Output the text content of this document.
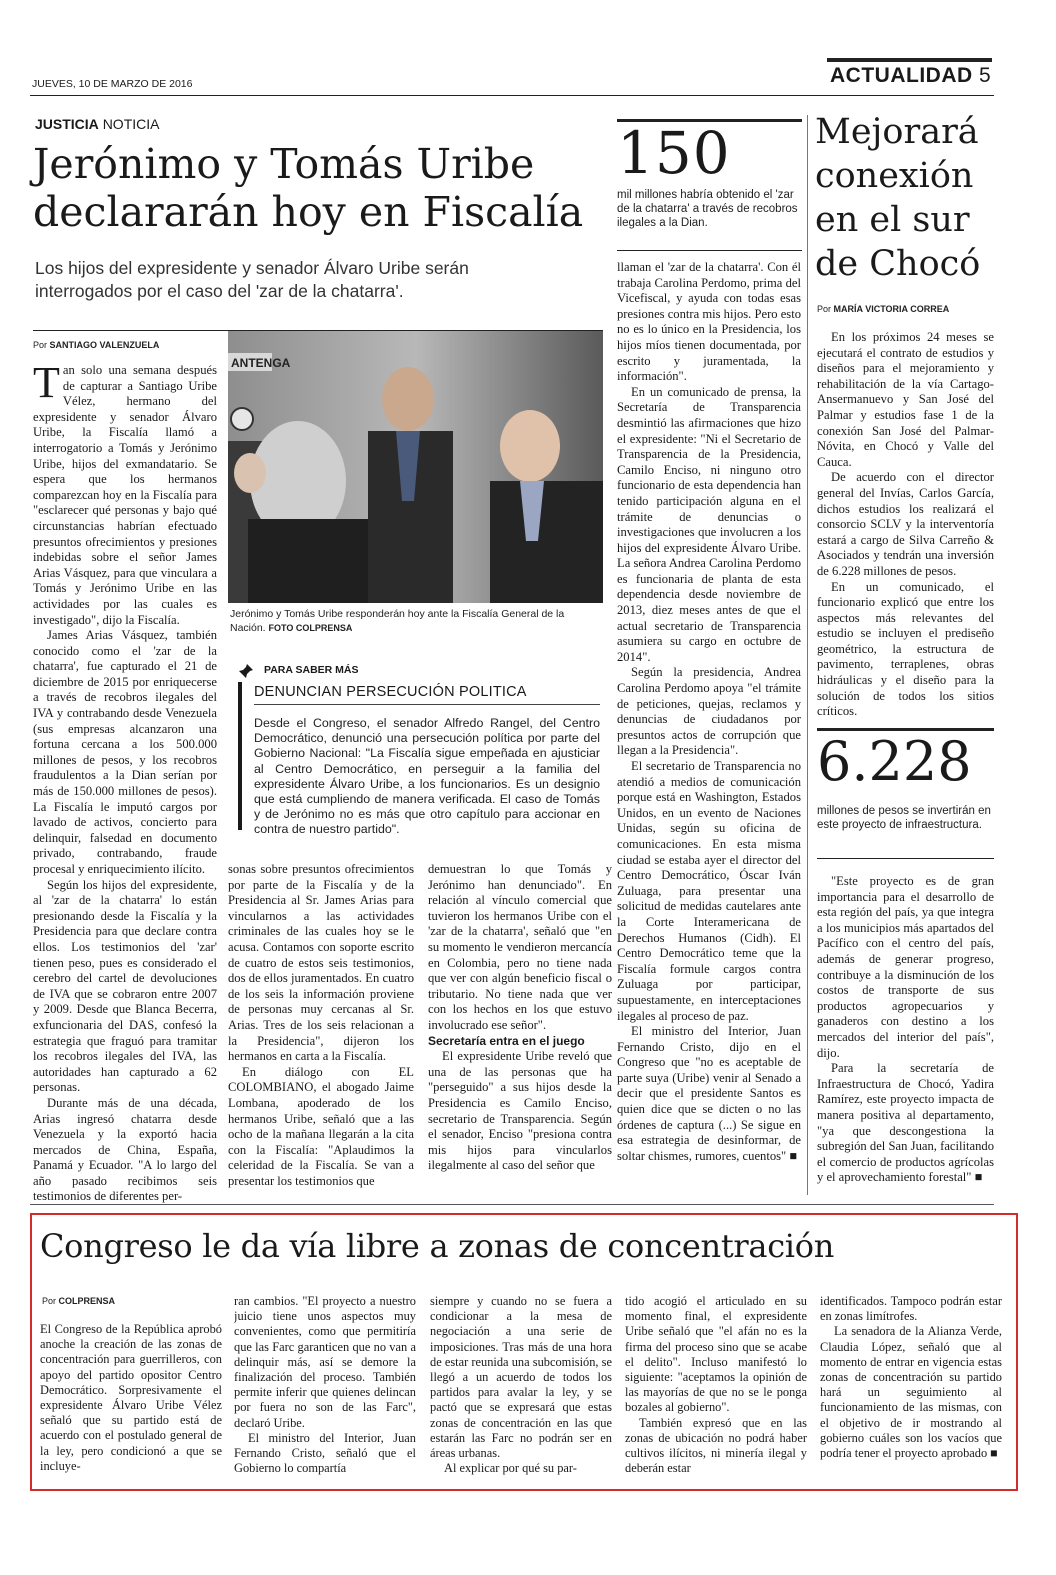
JUEVES, 10 DE MARZO DE 2016	ACTUALIDAD 5
JUSTICIA NOTICIA
Jerónimo y Tomás Uribe
declararán hoy en Fiscalía
Los hijos del expresidente y senador Álvaro Uribe serán
interrogados por el caso del 'zar de la chatarra'.
Por SANTIAGO VALENZUELA
ANTENGA
Jerónimo y Tomás Uribe responderán hoy ante la Fiscalía General de la Nación. FOTO COLPRENSA

Tan solo una semana después de capturar a Santiago Uribe Vélez, hermano del expresidente y senador Álvaro Uribe, la Fiscalía llamó a interrogatorio a Tomás y Jerónimo Uribe, hijos del exmandatario. Se espera que los hermanos comparezcan hoy en la Fiscalía para "esclarecer qué personas y bajo qué circunstancias habrían efectuado presuntos ofrecimientos y presiones indebidas sobre el señor James Arias Vásquez, para que vinculara a Tomás y Jerónimo Uribe en las actividades por las cuales es investigado", dijo la Fiscalía.

James Arias Vásquez, también conocido como el 'zar de la chatarra', fue capturado el 21 de diciembre de 2015 por enriquecerse a través de recobros ilegales del IVA y contrabando desde Venezuela (sus empresas alcanzaron una fortuna cercana a los 500.000 millones de pesos, y los recobros fraudulentos a la Dian serían por más de 150.000 millones de pesos). La Fiscalía le imputó cargos por lavado de activos, concierto para delinquir, falsedad en documento privado, contrabando, fraude procesal y enriquecimiento ilícito.

Según los hijos del expresidente, al 'zar de la chatarra' lo están presionando desde la Fiscalía y la Presidencia para que declare contra ellos. Los testimonios del 'zar' tienen peso, pues es considerado el cerebro del cartel de devoluciones de IVA que se cobraron entre 2007 y 2009. Desde que Blanca Becerra, exfuncionaria del DAS, confesó la estrategia que fraguó para tramitar los recobros ilegales del IVA, las autoridades han capturado a 62 personas.

Durante más de una década, Arias ingresó chatarra desde Venezuela y la exportó hacia mercados de China, España, Panamá y Ecuador. "A lo largo del año pasado recibimos seis testimonios de diferentes per-

PARA SABER MÁS
DENUNCIAN PERSECUCIÓN POLITICA
Desde el Congreso, el senador Alfredo Rangel, del Centro Democrático, denunció una persecución política por parte del Gobierno Nacional: "La Fiscalía sigue empeñada en ajusticiar al Centro Democrático, en perseguir a la familia del expresidente Álvaro Uribe, a los funcionarios. Es un designio que está cumpliendo de manera verificada. El caso de Tomás y de Jerónimo no es más que otro capítulo para accionar en contra de nuestro partido".

sonas sobre presuntos ofrecimientos por parte de la Fiscalía y de la Presidencia al Sr. James Arias para vincularnos a las actividades criminales de las cuales hoy se le acusa. Contamos con soporte escrito de cuatro de estos seis testimonios, dos de ellos juramentados. En cuatro de los seis la información proviene de personas muy cercanas al Sr. Arias. Tres de los seis relacionan a la Presidencia", dijeron los hermanos en carta a la Fiscalía.

En diálogo con EL COLOMBIANO, el abogado Jaime Lombana, apoderado de los hermanos Uribe, señaló que a las ocho de la mañana llegarán a la cita con la Fiscalía: "Aplaudimos la celeridad de la Fiscalía. Se van a presentar los testimonios que

demuestran lo que Tomás y Jerónimo han denunciado". En relación al vínculo comercial que tuvieron los hermanos Uribe con el 'zar de la chatarra', señaló que "en su momento le vendieron mercancía en Colombia, pero no tiene nada que ver con algún beneficio fiscal o tributario. No tiene nada que ver con los hechos en los que estuvo involucrado ese señor".

Secretaría entra en el juego

El expresidente Uribe reveló que una de las personas que ha "perseguido" a sus hijos desde la Presidencia es Camilo Enciso, secretario de Transparencia. Según el senador, Enciso "presiona contra mis hijos para vincularlos ilegalmente al caso del señor que

150
mil millones habría obtenido el 'zar de la chatarra' a través de recobros ilegales a la Dian.

llaman el 'zar de la chatarra'. Con él trabaja Carolina Perdomo, prima del Vicefiscal, y ayuda con todas esas presiones contra mis hijos. Pero esto no es lo único en la Presidencia, los hijos míos tienen documentada, por escrito y juramentada, la información".

En un comunicado de prensa, la Secretaría de Transparencia desmintió las afirmaciones que hizo el expresidente: "Ni el Secretario de Transparencia de la Presidencia, Camilo Enciso, ni ninguno otro funcionario de esta dependencia han tenido participación alguna en el trámite de denuncias o investigaciones que involucren a los hijos del expresidente Álvaro Uribe. La señora Andrea Carolina Perdomo es funcionaria de planta de esta dependencia desde noviembre de 2013, diez meses antes de que el actual secretario de Transparencia asumiera su cargo en octubre de 2014".

Según la presidencia, Andrea Carolina Perdomo apoya "el trámite de peticiones, quejas, reclamos y denuncias de ciudadanos por presuntos actos de corrupción que llegan a la Presidencia".

El secretario de Transparencia no atendió a medios de comunicación porque está en Washington, Estados Unidos, en un evento de Naciones Unidas, según su oficina de comunicaciones. En esta misma ciudad se estaba ayer el director del Centro Democrático, Óscar Iván Zuluaga, para presentar una solicitud de medidas cautelares ante la Corte Interamericana de Derechos Humanos (Cidh). El Centro Democrático teme que la Fiscalía formule cargos contra Zuluaga por participar, supuestamente, en interceptaciones ilegales al proceso de paz.

El ministro del Interior, Juan Fernando Cristo, dijo en el Congreso que "no es aceptable de parte suya (Uribe) venir al Senado a decir que el presidente Santos es quien dice que se dicten o no las órdenes de captura (...) Se sigue en esa estrategia de desinformar, de soltar chismes, rumores, cuentos" ■

Mejorará
conexión
en el sur
de Chocó
Por MARÍA VICTORIA CORREA

En los próximos 24 meses se ejecutará el contrato de estudios y diseños para el mejoramiento y rehabilitación de la vía Cartago-Ansermanuevo y San José del Palmar y estudios fase 1 de la conexión San José del Palmar-Nóvita, en Chocó y Valle del Cauca.

De acuerdo con el director general del Invías, Carlos García, dichos estudios los realizará el consorcio SCLV y la interventoría estará a cargo de Silva Carreño & Asociados y tendrán una inversión de 6.228 millones de pesos.

En un comunicado, el funcionario explicó que entre los aspectos más relevantes del estudio se incluyen el prediseño geométrico, la estructura de pavimento, terraplenes, obras hidráulicas y el diseño para la solución de todos los sitios críticos.

6.228
millones de pesos se invertirán en este proyecto de infraestructura.

"Este proyecto es de gran importancia para el desarrollo de esta región del país, ya que integra a los municipios más apartados del Pacífico con el centro del país, además de generar progreso, contribuye a la disminución de los costos de transporte de sus productos agropecuarios y ganaderos con destino a los mercados del interior del país", dijo.

Para la secretaría de Infraestructura de Chocó, Yadira Ramírez, este proyecto impacta de manera positiva al departamento, "ya que descongestiona la subregión del San Juan, facilitando el comercio de productos agrícolas y el aprovechamiento forestal" ■

Congreso le da vía libre a zonas de concentración
Por COLPRENSA

El Congreso de la República aprobó anoche la creación de las zonas de concentración para guerrilleros, con apoyo del partido opositor Centro Democrático. Sorpresivamente el expresidente Álvaro Uribe Vélez señaló que su partido está de acuerdo con el postulado general de la ley, pero condicionó a que se incluye-

ran cambios. "El proyecto a nuestro juicio tiene unos aspectos muy convenientes, como que permitiría que las Farc garanticen que no van a delinquir más, así se demore la finalización del proceso. También permite inferir que quienes delincan por fuera no son de las Farc", declaró Uribe.

El ministro del Interior, Juan Fernando Cristo, señaló que el Gobierno lo compartía

siempre y cuando no se fuera a condicionar a la mesa de negociación a una serie de imposiciones. Tras más de una hora de estar reunida una subcomisión, se llegó a un acuerdo de todos los partidos para avalar la ley, y se pactó que se expresará que estas zonas de concentración en las que estarán las Farc no podrán ser en áreas urbanas.

Al explicar por qué su par-

tido acogió el articulado en su momento final, el expresidente Uribe señaló que "el afán no es la firma del proceso sino que se acabe el delito". Incluso manifestó lo siguiente: "aceptamos la opinión de las mayorías de que no se le ponga bozales al gobierno".

También expresó que en las zonas de ubicación no podrá haber cultivos ilícitos, ni minería ilegal y deberán estar

identificados. Tampoco podrán estar en zonas limítrofes.

La senadora de la Alianza Verde, Claudia López, señaló que al momento de entrar en vigencia estas zonas de concentración su partido hará un seguimiento al funcionamiento de las mismas, con el objetivo de ir mostrando al gobierno cuáles son los vacíos que podría tener el proyecto aprobado ■
